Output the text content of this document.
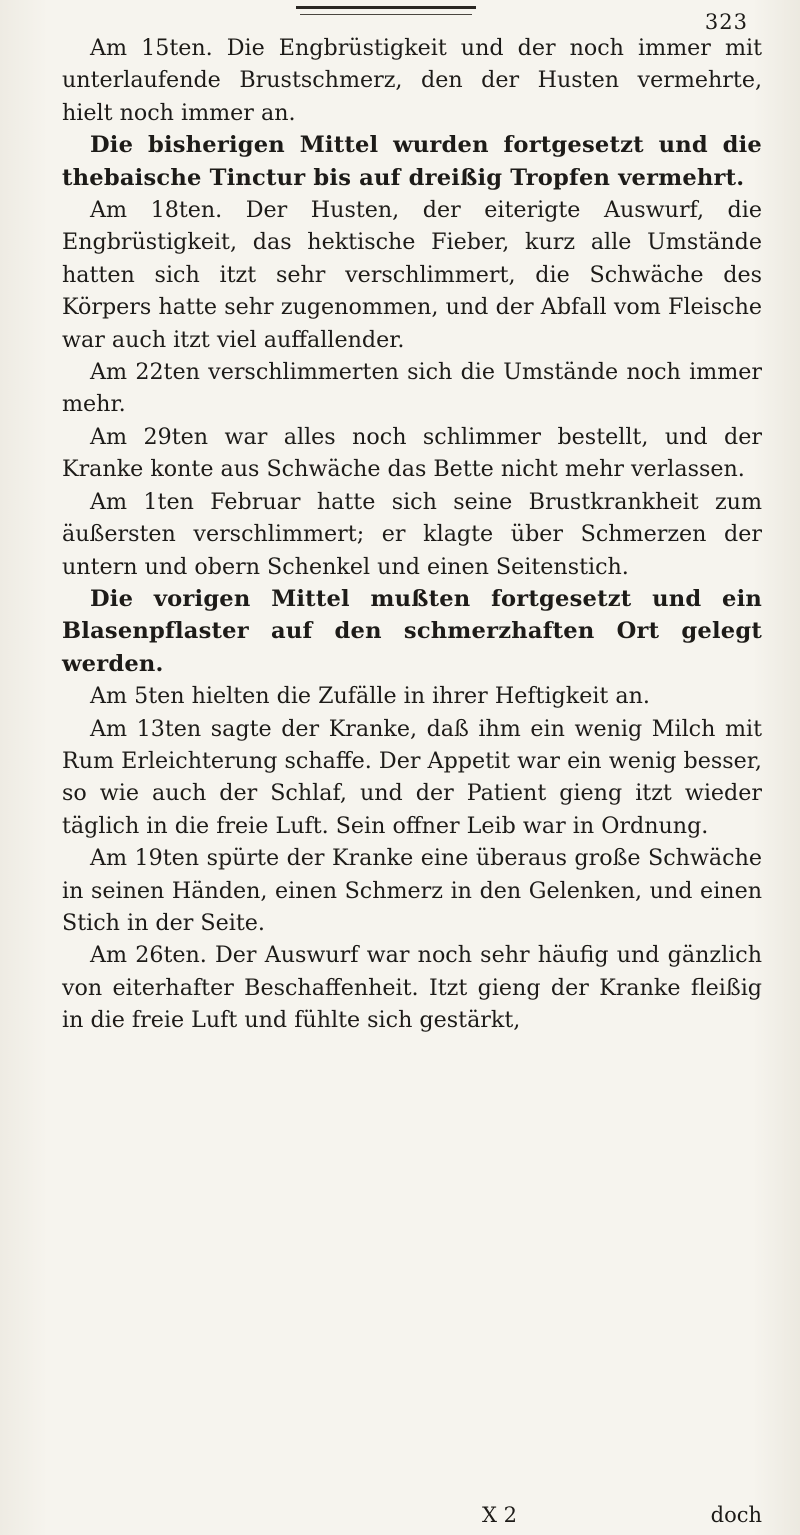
323

Am 15ten. Die Engbrüstigkeit und der noch immer mit unterlaufende Brustschmerz, den der Husten vermehrte, hielt noch immer an.

Die bisherigen Mittel wurden fortgesetzt und die thebaische Tinctur bis auf dreißig Tropfen vermehrt.

Am 18ten. Der Husten, der eiterigte Auswurf, die Engbrüstigkeit, das hektische Fieber, kurz alle Umstände hatten sich itzt sehr verschlimmert, die Schwäche des Körpers hatte sehr zugenommen, und der Abfall vom Fleische war auch itzt viel auffallender.

Am 22ten verschlimmerten sich die Umstände noch immer mehr.

Am 29ten war alles noch schlimmer bestellt, und der Kranke konte aus Schwäche das Bette nicht mehr verlassen.

Am 1ten Februar hatte sich seine Brustkrankheit zum äußersten verschlimmert; er klagte über Schmerzen der untern und obern Schenkel und einen Seitenstich.

Die vorigen Mittel mußten fortgesetzt und ein Blasenpflaster auf den schmerzhaften Ort gelegt werden.

Am 5ten hielten die Zufälle in ihrer Heftigkeit an.

Am 13ten sagte der Kranke, daß ihm ein wenig Milch mit Rum Erleichterung schaffe. Der Appetit war ein wenig besser, so wie auch der Schlaf, und der Patient gieng itzt wieder täglich in die freie Luft. Sein offner Leib war in Ordnung.

Am 19ten spürte der Kranke eine überaus große Schwäche in seinen Händen, einen Schmerz in den Gelenken, und einen Stich in der Seite.

Am 26ten. Der Auswurf war noch sehr häufig und gänzlich von eiterhafter Beschaffenheit. Itzt gieng der Kranke fleißig in die freie Luft und fühlte sich gestärkt,

X 2	doch
